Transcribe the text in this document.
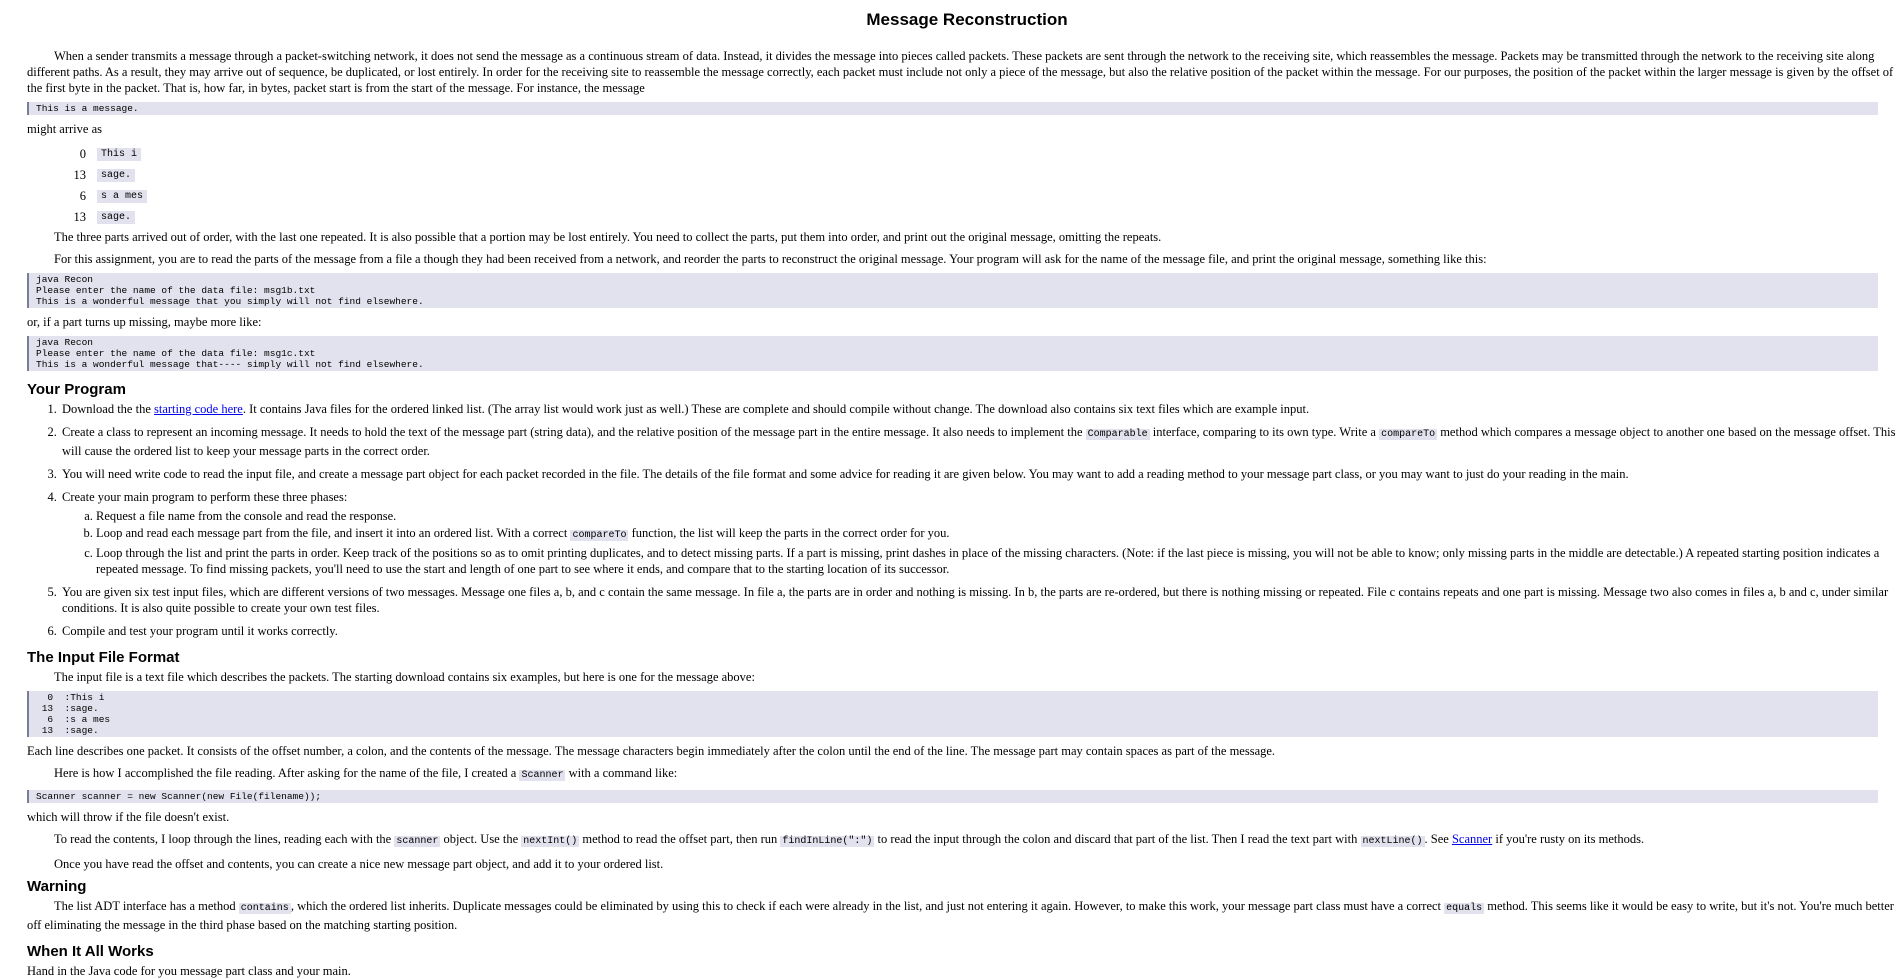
Message Reconstruction

When a sender transmits a message through a packet-switching network, it does not send the message as a continuous stream of data. Instead, it divides the message into pieces called packets. These packets are sent through the network to the receiving site, which reassembles the message. Packets may be transmitted through the network to the receiving site along different paths. As a result, they may arrive out of sequence, be duplicated, or lost entirely. In order for the receiving site to reassemble the message correctly, each packet must include not only a piece of the message, but also the relative position of the packet within the message. For our purposes, the position of the packet within the larger message is given by the offset of the first byte in the packet. That is, how far, in bytes, packet start is from the start of the message. For instance, the message

This is a message.

might arrive as

0	This i
13	sage.
6	s a mes
13	sage.

The three parts arrived out of order, with the last one repeated. It is also possible that a portion may be lost entirely. You need to collect the parts, put them into order, and print out the original message, omitting the repeats.

For this assignment, you are to read the parts of the message from a file a though they had been received from a network, and reorder the parts to reconstruct the original message. Your program will ask for the name of the message file, and print the original message, something like this:

java Recon
Please enter the name of the data file: msg1b.txt
This is a wonderful message that you simply will not find elsewhere.

or, if a part turns up missing, maybe more like:

java Recon
Please enter the name of the data file: msg1c.txt
This is a wonderful message that---- simply will not find elsewhere.
Your Program
1. Download the the starting code here. It contains Java files for the ordered linked list. (The array list would work just as well.) These are complete and should compile without change. The download also contains six text files which are example input.
2. Create a class to represent an incoming message. It needs to hold the text of the message part (string data), and the relative position of the message part in the entire message. It also needs to implement the Comparable interface, comparing to its own type. Write a compareTo method which compares a message object to another one based on the message offset. This will cause the ordered list to keep your message parts in the correct order.
3. You will need write code to read the input file, and create a message part object for each packet recorded in the file. The details of the file format and some advice for reading it are given below. You may want to add a reading method to your message part class, or you may want to just do your reading in the main.
4. Create your main program to perform these three phases:
a. Request a file name from the console and read the response.
b. Loop and read each message part from the file, and insert it into an ordered list. With a correct compareTo function, the list will keep the parts in the correct order for you.
c. Loop through the list and print the parts in order. Keep track of the positions so as to omit printing duplicates, and to detect missing parts. If a part is missing, print dashes in place of the missing characters. (Note: if the last piece is missing, you will not be able to know; only missing parts in the middle are detectable.) A repeated starting position indicates a repeated message. To find missing packets, you'll need to use the start and length of one part to see where it ends, and compare that to the starting location of its successor.
5. You are given six test input files, which are different versions of two messages. Message one files a, b, and c contain the same message. In file a, the parts are in order and nothing is missing. In b, the parts are re-ordered, but there is nothing missing or repeated. File c contains repeats and one part is missing. Message two also comes in files a, b and c, under similar conditions. It is also quite possible to create your own test files.
6. Compile and test your program until it works correctly.
The Input File Format

The input file is a text file which describes the packets. The starting download contains six examples, but here is one for the message above:

0  :This i
13  :sage.
6  :s a mes
13  :sage.

Each line describes one packet. It consists of the offset number, a colon, and the contents of the message. The message characters begin immediately after the colon until the end of the line. The message part may contain spaces as part of the message.

Here is how I accomplished the file reading. After asking for the name of the file, I created a Scanner with a command like:

Scanner scanner = new Scanner(new File(filename));

which will throw if the file doesn't exist.

To read the contents, I loop through the lines, reading each with the scanner object. Use the nextInt() method to read the offset part, then run findInLine(":") to read the input through the colon and discard that part of the list. Then I read the text part with nextLine() . See Scanner if you're rusty on its methods.

Once you have read the offset and contents, you can create a nice new message part object, and add it to your ordered list.

Warning

The list ADT interface has a method contains , which the ordered list inherits. Duplicate messages could be eliminated by using this to check if each were already in the list, and just not entering it again. However, to make this work, your message part class must have a correct equals method. This seems like it would be easy to write, but it's not. You're much better off eliminating the message in the third phase based on the matching starting position.

When It All Works

Hand in the Java code for you message part class and your main.
